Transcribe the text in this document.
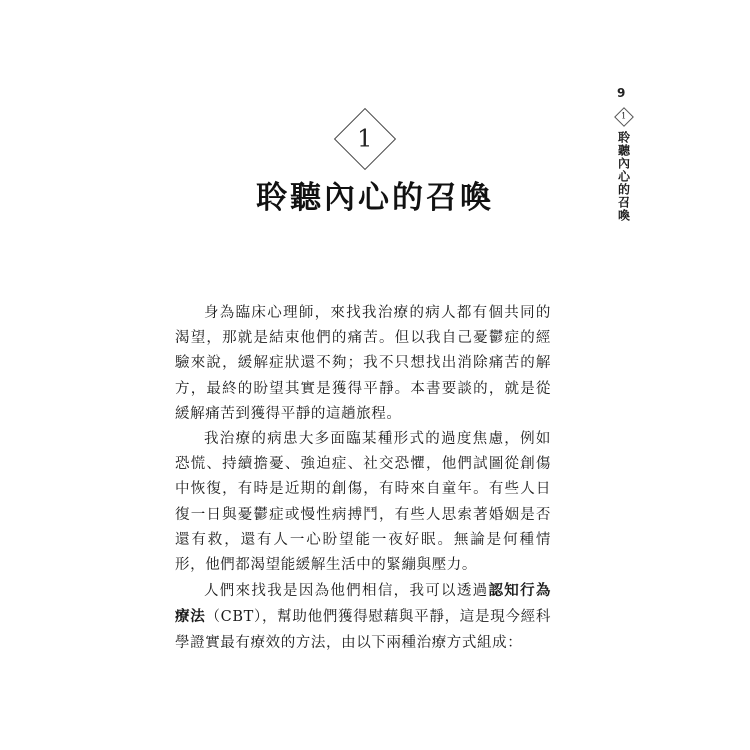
9
1
聆聽內心的召喚
1
聆聽內心的召喚

身為臨床心理師，來找我治療的病人都有個共同的渴望，那就是結束他們的痛苦。但以我自己憂鬱症的經驗來說，緩解症狀還不夠；我不只想找出消除痛苦的解方，最終的盼望其實是獲得平靜。本書要談的，就是從緩解痛苦到獲得平靜的這趟旅程。

我治療的病患大多面臨某種形式的過度焦慮，例如恐慌、持續擔憂、強迫症、社交恐懼，他們試圖從創傷中恢復，有時是近期的創傷，有時來自童年。有些人日復一日與憂鬱症或慢性病搏鬥，有些人思索著婚姻是否還有救，還有人一心盼望能一夜好眠。無論是何種情形，他們都渴望能緩解生活中的緊繃與壓力。

人們來找我是因為他們相信，我可以透過認知行為療法（CBT），幫助他們獲得慰藉與平靜，這是現今經科學證實最有療效的方法，由以下兩種治療方式組成：
